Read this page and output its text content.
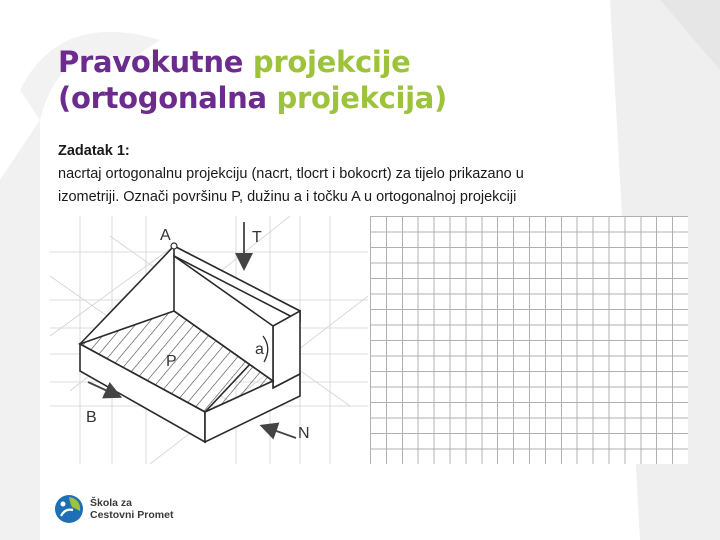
Pravokutne projekcije
(ortogonalna projekcija)
Zadatak 1:
nacrtaj ortogonalnu projekciju (nacrt, tlocrt i bokocrt) za tijelo prikazano u
izometriji. Označi površinu P, dužinu a i točku A u ortogonalnoj projekciji
A	T
P
a
B
N
Škola za
Cestovni Promet
